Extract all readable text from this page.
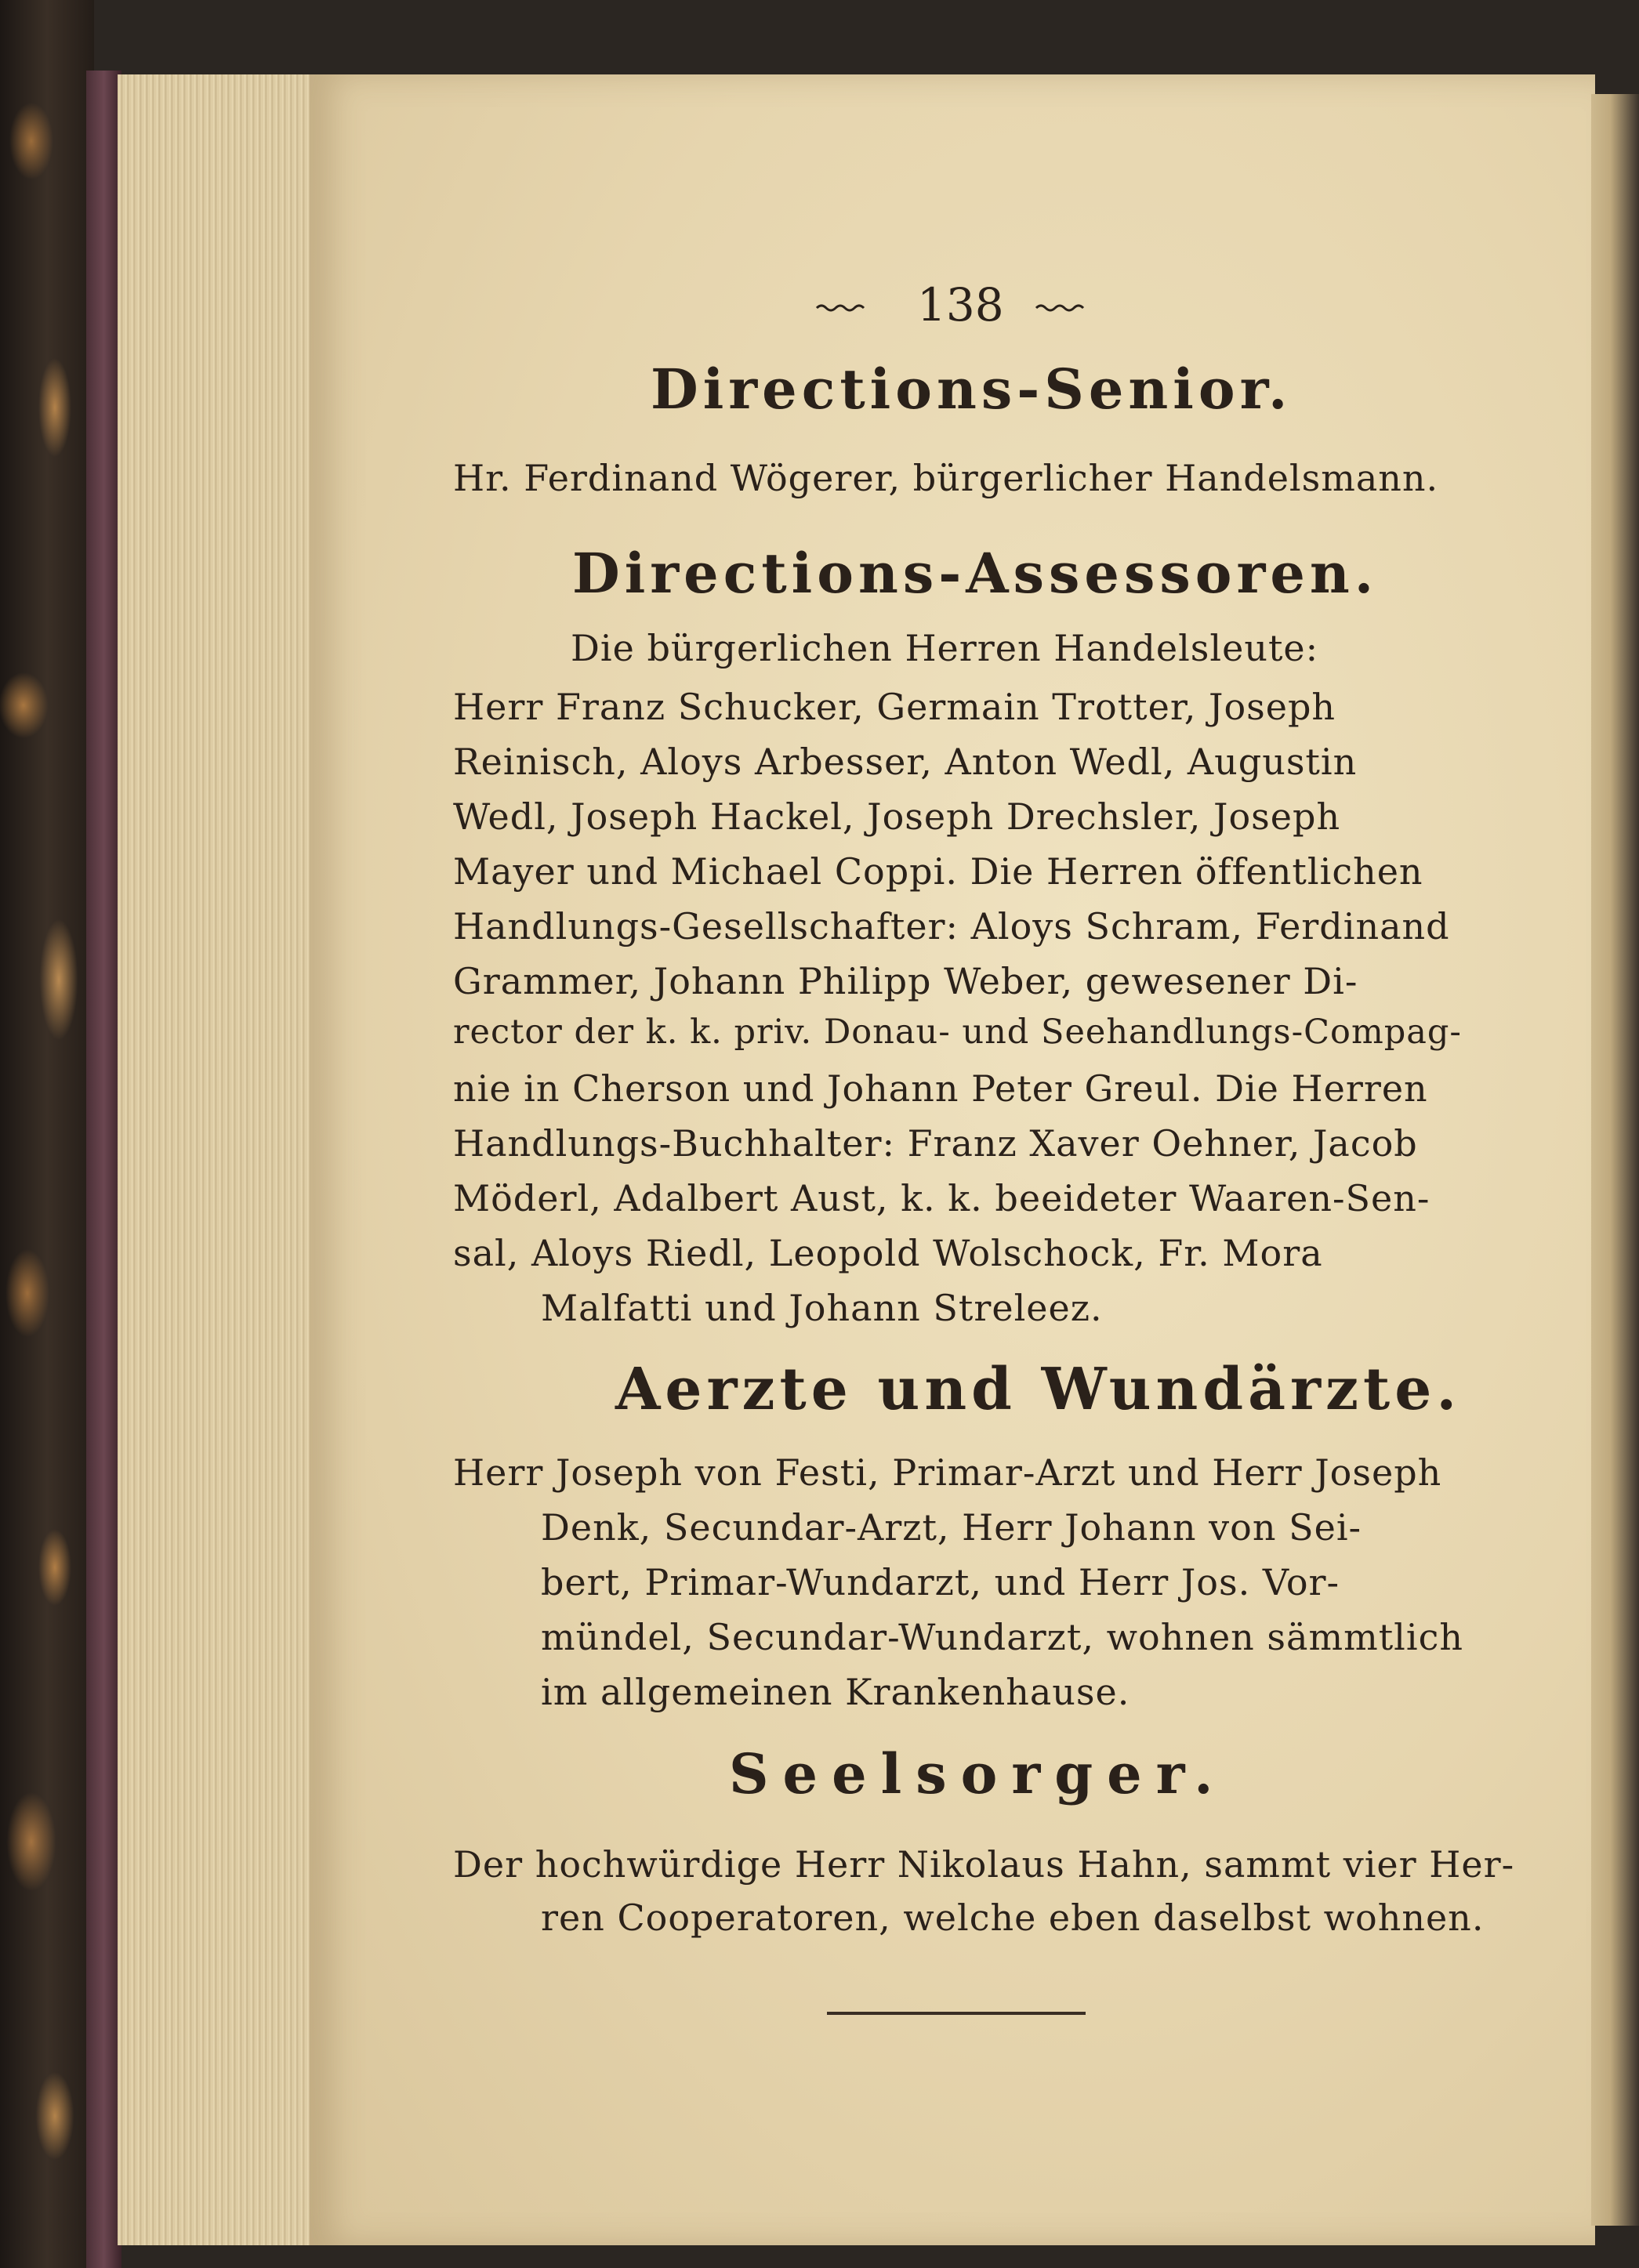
138
Directions-Senior.
Hr. Ferdinand Wögerer, bürgerlicher Handelsmann.
Directions-Assessoren.
Die bürgerlichen Herren Handelsleute:
Herr Franz Schucker, Germain Trotter, Joseph
Reinisch, Aloys Arbesser, Anton Wedl, Augustin
Wedl, Joseph Hackel, Joseph Drechsler, Joseph
Mayer und Michael Coppi. Die Herren öffentlichen
Handlungs-Gesellschafter: Aloys Schram, Ferdinand
Grammer, Johann Philipp Weber, gewesener Di-
rector der k. k. priv. Donau- und Seehandlungs-Compag-
nie in Cherson und Johann Peter Greul. Die Herren
Handlungs-Buchhalter: Franz Xaver Oehner, Jacob
Möderl, Adalbert Aust, k. k. beeideter Waaren-Sen-
sal, Aloys Riedl, Leopold Wolschock, Fr. Mora
Malfatti und Johann Streleez.
Aerzte und Wundärzte.
Herr Joseph von Festi, Primar-Arzt und Herr Joseph
Denk, Secundar-Arzt, Herr Johann von Sei-
bert, Primar-Wundarzt, und Herr Jos. Vor-
mündel, Secundar-Wundarzt, wohnen sämmtlich
im allgemeinen Krankenhause.
Seelsorger.
Der hochwürdige Herr Nikolaus Hahn, sammt vier Her-
ren Cooperatoren, welche eben daselbst wohnen.
